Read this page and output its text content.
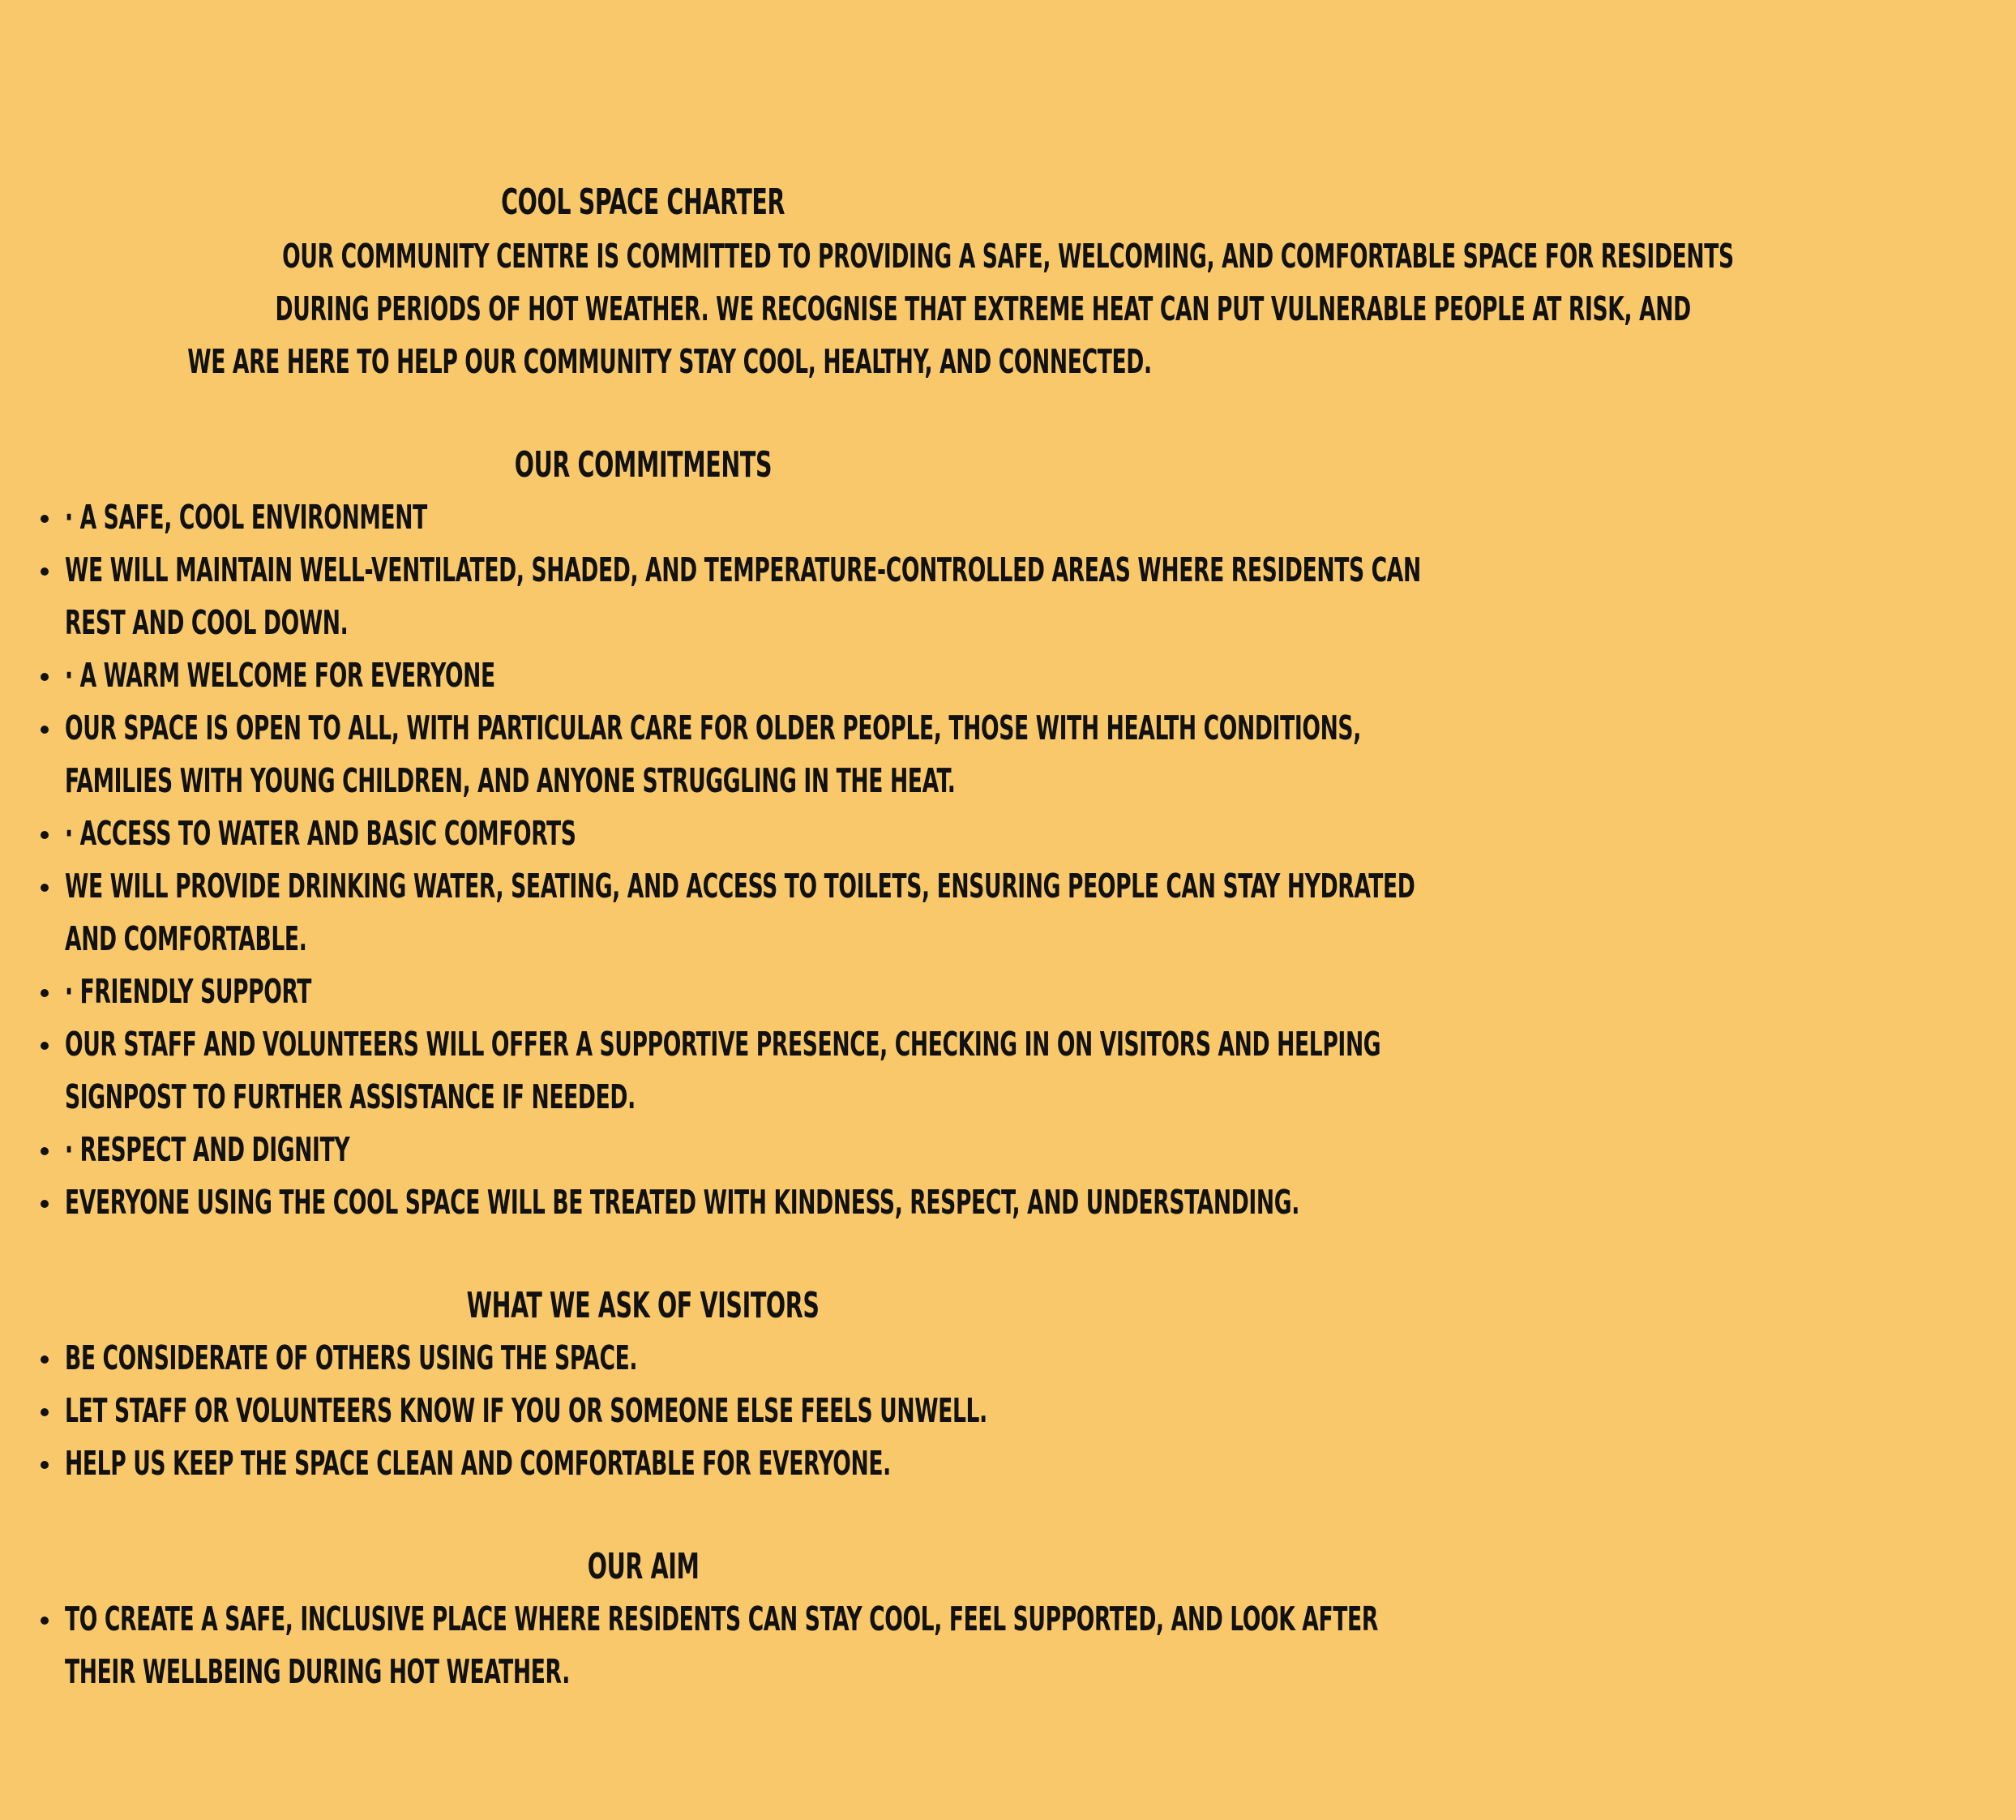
COOL SPACE CHARTER
OUR COMMUNITY CENTRE IS COMMITTED TO PROVIDING A SAFE, WELCOMING, AND COMFORTABLE SPACE FOR RESIDENTS
DURING PERIODS OF HOT WEATHER. WE RECOGNISE THAT EXTREME HEAT CAN PUT VULNERABLE PEOPLE AT RISK, AND
WE ARE HERE TO HELP OUR COMMUNITY STAY COOL, HEALTHY, AND CONNECTED.
OUR COMMITMENTS
· A SAFE, COOL ENVIRONMENT
WE WILL MAINTAIN WELL-VENTILATED, SHADED, AND TEMPERATURE-CONTROLLED AREAS WHERE RESIDENTS CAN
REST AND COOL DOWN.
· A WARM WELCOME FOR EVERYONE
OUR SPACE IS OPEN TO ALL, WITH PARTICULAR CARE FOR OLDER PEOPLE, THOSE WITH HEALTH CONDITIONS,
FAMILIES WITH YOUNG CHILDREN, AND ANYONE STRUGGLING IN THE HEAT.
· ACCESS TO WATER AND BASIC COMFORTS
WE WILL PROVIDE DRINKING WATER, SEATING, AND ACCESS TO TOILETS, ENSURING PEOPLE CAN STAY HYDRATED
AND COMFORTABLE.
· FRIENDLY SUPPORT
OUR STAFF AND VOLUNTEERS WILL OFFER A SUPPORTIVE PRESENCE, CHECKING IN ON VISITORS AND HELPING
SIGNPOST TO FURTHER ASSISTANCE IF NEEDED.
· RESPECT AND DIGNITY
EVERYONE USING THE COOL SPACE WILL BE TREATED WITH KINDNESS, RESPECT, AND UNDERSTANDING.
WHAT WE ASK OF VISITORS
BE CONSIDERATE OF OTHERS USING THE SPACE.
LET STAFF OR VOLUNTEERS KNOW IF YOU OR SOMEONE ELSE FEELS UNWELL.
HELP US KEEP THE SPACE CLEAN AND COMFORTABLE FOR EVERYONE.
OUR AIM
TO CREATE A SAFE, INCLUSIVE PLACE WHERE RESIDENTS CAN STAY COOL, FEEL SUPPORTED, AND LOOK AFTER
THEIR WELLBEING DURING HOT WEATHER.
